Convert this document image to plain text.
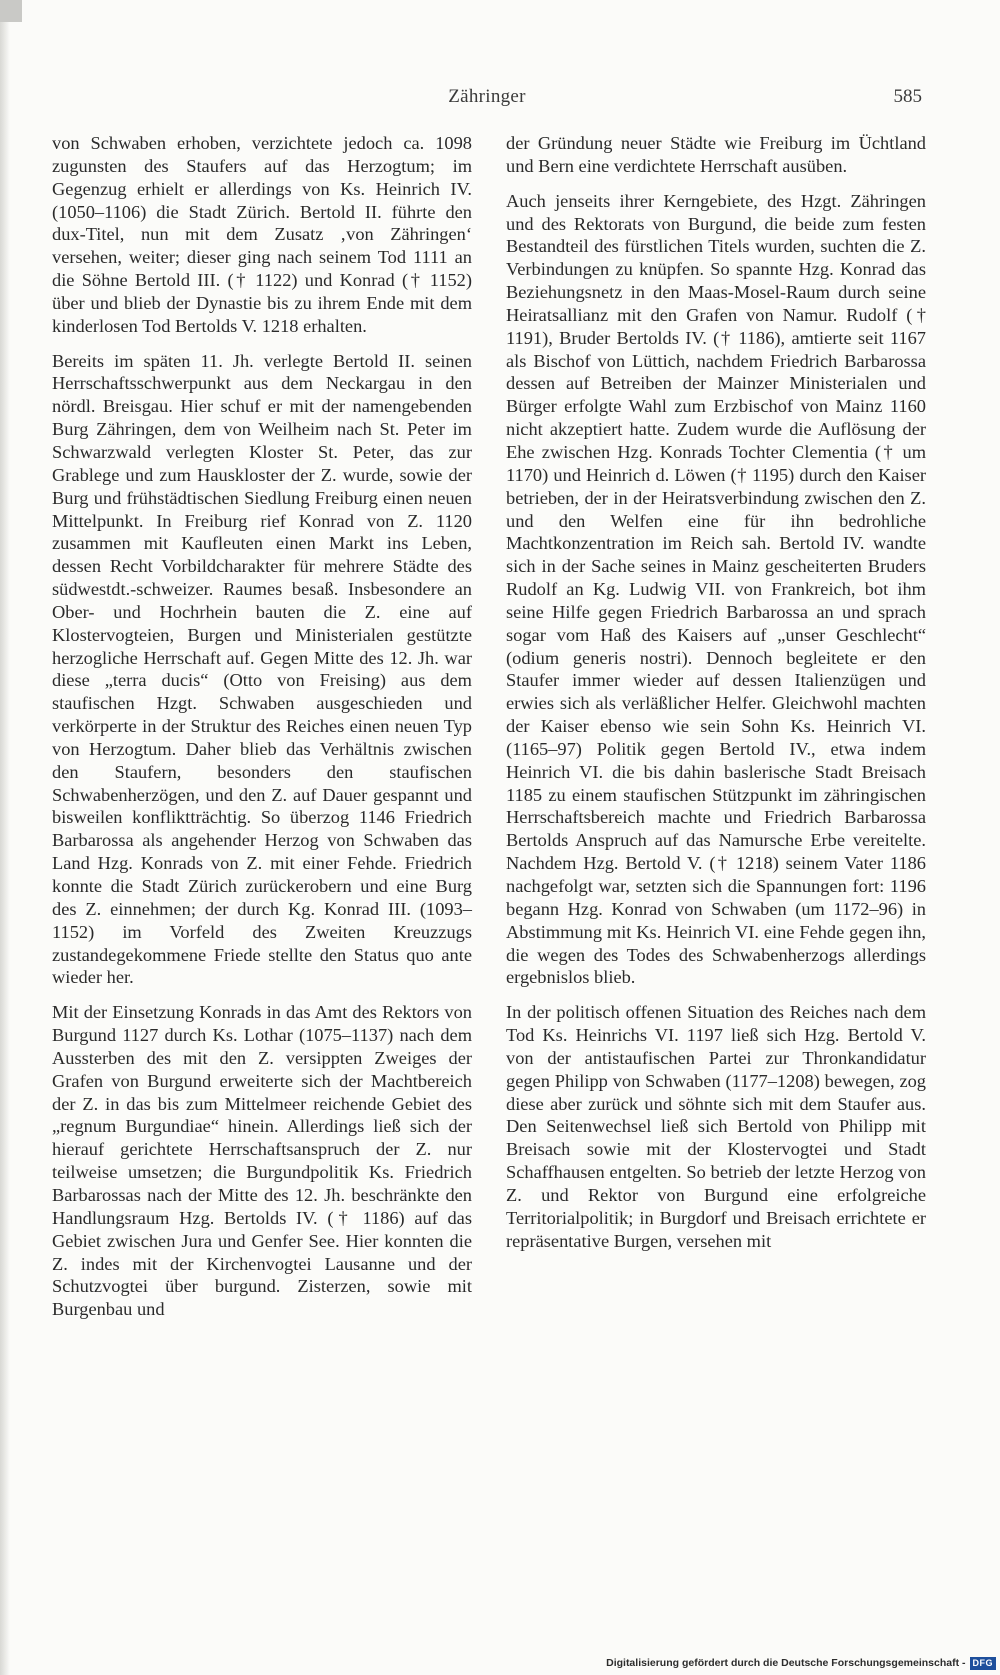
Zähringer	585

von Schwaben erhoben, verzichtete jedoch ca. 1098 zugunsten des Staufers auf das Herzogtum; im Gegenzug erhielt er allerdings von Ks. Heinrich IV. (1050–1106) die Stadt Zürich. Bertold II. führte den dux-Titel, nun mit dem Zusatz ‚von Zähringen‘ versehen, weiter; dieser ging nach seinem Tod 1111 an die Söhne Bertold III. († 1122) und Konrad († 1152) über und blieb der Dynastie bis zu ihrem Ende mit dem kinderlosen Tod Bertolds V. 1218 erhalten.

Bereits im späten 11. Jh. verlegte Bertold II. seinen Herrschaftsschwerpunkt aus dem Neckargau in den nördl. Breisgau. Hier schuf er mit der namengebenden Burg Zähringen, dem von Weilheim nach St. Peter im Schwarzwald verlegten Kloster St. Peter, das zur Grablege und zum Hauskloster der Z. wurde, sowie der Burg und frühstädtischen Siedlung Freiburg einen neuen Mittelpunkt. In Freiburg rief Konrad von Z. 1120 zusammen mit Kaufleuten einen Markt ins Leben, dessen Recht Vorbildcharakter für mehrere Städte des südwestdt.-schweizer. Raumes besaß. Insbesondere an Ober- und Hochrhein bauten die Z. eine auf Klostervogteien, Burgen und Ministerialen gestützte herzogliche Herrschaft auf. Gegen Mitte des 12. Jh. war diese „terra ducis“ (Otto von Freising) aus dem staufischen Hzgt. Schwaben ausgeschieden und verkörperte in der Struktur des Reiches einen neuen Typ von Herzogtum. Daher blieb das Verhältnis zwischen den Staufern, besonders den staufischen Schwabenherzögen, und den Z. auf Dauer gespannt und bisweilen konfliktträchtig. So überzog 1146 Friedrich Barbarossa als angehender Herzog von Schwaben das Land Hzg. Konrads von Z. mit einer Fehde. Friedrich konnte die Stadt Zürich zurückerobern und eine Burg des Z. einnehmen; der durch Kg. Konrad III. (1093–1152) im Vorfeld des Zweiten Kreuzzugs zustandegekommene Friede stellte den Status quo ante wieder her.

Mit der Einsetzung Konrads in das Amt des Rektors von Burgund 1127 durch Ks. Lothar (1075–1137) nach dem Aussterben des mit den Z. versippten Zweiges der Grafen von Burgund erweiterte sich der Machtbereich der Z. in das bis zum Mittelmeer reichende Gebiet des „regnum Burgundiae“ hinein. Allerdings ließ sich der hierauf gerichtete Herrschaftsanspruch der Z. nur teilweise umsetzen; die Burgundpolitik Ks. Friedrich Barbarossas nach der Mitte des 12. Jh. beschränkte den Handlungsraum Hzg. Bertolds IV. († 1186) auf das Gebiet zwischen Jura und Genfer See. Hier konnten die Z. indes mit der Kirchenvogtei Lausanne und der Schutzvogtei über burgund. Zisterzen, sowie mit Burgenbau und

der Gründung neuer Städte wie Freiburg im Üchtland und Bern eine verdichtete Herrschaft ausüben.

Auch jenseits ihrer Kerngebiete, des Hzgt. Zähringen und des Rektorats von Burgund, die beide zum festen Bestandteil des fürstlichen Titels wurden, suchten die Z. Verbindungen zu knüpfen. So spannte Hzg. Konrad das Beziehungsnetz in den Maas-Mosel-Raum durch seine Heiratsallianz mit den Grafen von Namur. Rudolf († 1191), Bruder Bertolds IV. († 1186), amtierte seit 1167 als Bischof von Lüttich, nachdem Friedrich Barbarossa dessen auf Betreiben der Mainzer Ministerialen und Bürger erfolgte Wahl zum Erzbischof von Mainz 1160 nicht akzeptiert hatte. Zudem wurde die Auflösung der Ehe zwischen Hzg. Konrads Tochter Clementia († um 1170) und Heinrich d. Löwen († 1195) durch den Kaiser betrieben, der in der Heiratsverbindung zwischen den Z. und den Welfen eine für ihn bedrohliche Machtkonzentration im Reich sah. Bertold IV. wandte sich in der Sache seines in Mainz gescheiterten Bruders Rudolf an Kg. Ludwig VII. von Frankreich, bot ihm seine Hilfe gegen Friedrich Barbarossa an und sprach sogar vom Haß des Kaisers auf „unser Geschlecht“ (odium generis nostri). Dennoch begleitete er den Staufer immer wieder auf dessen Italienzügen und erwies sich als verläßlicher Helfer. Gleichwohl machten der Kaiser ebenso wie sein Sohn Ks. Heinrich VI. (1165–97) Politik gegen Bertold IV., etwa indem Heinrich VI. die bis dahin baslerische Stadt Breisach 1185 zu einem staufischen Stützpunkt im zähringischen Herrschaftsbereich machte und Friedrich Barbarossa Bertolds Anspruch auf das Namursche Erbe vereitelte. Nachdem Hzg. Bertold V. († 1218) seinem Vater 1186 nachgefolgt war, setzten sich die Spannungen fort: 1196 begann Hzg. Konrad von Schwaben (um 1172–96) in Abstimmung mit Ks. Heinrich VI. eine Fehde gegen ihn, die wegen des Todes des Schwabenherzogs allerdings ergebnislos blieb.

In der politisch offenen Situation des Reiches nach dem Tod Ks. Heinrichs VI. 1197 ließ sich Hzg. Bertold V. von der antistaufischen Partei zur Thronkandidatur gegen Philipp von Schwaben (1177–1208) bewegen, zog diese aber zurück und söhnte sich mit dem Staufer aus. Den Seitenwechsel ließ sich Bertold von Philipp mit Breisach sowie mit der Klostervogtei und Stadt Schaffhausen entgelten. So betrieb der letzte Herzog von Z. und Rektor von Burgund eine erfolgreiche Territorialpolitik; in Burgdorf und Breisach errichtete er repräsentative Burgen, versehen mit

Digitalisierung gefördert durch die Deutsche Forschungsgemeinschaft - DFG
